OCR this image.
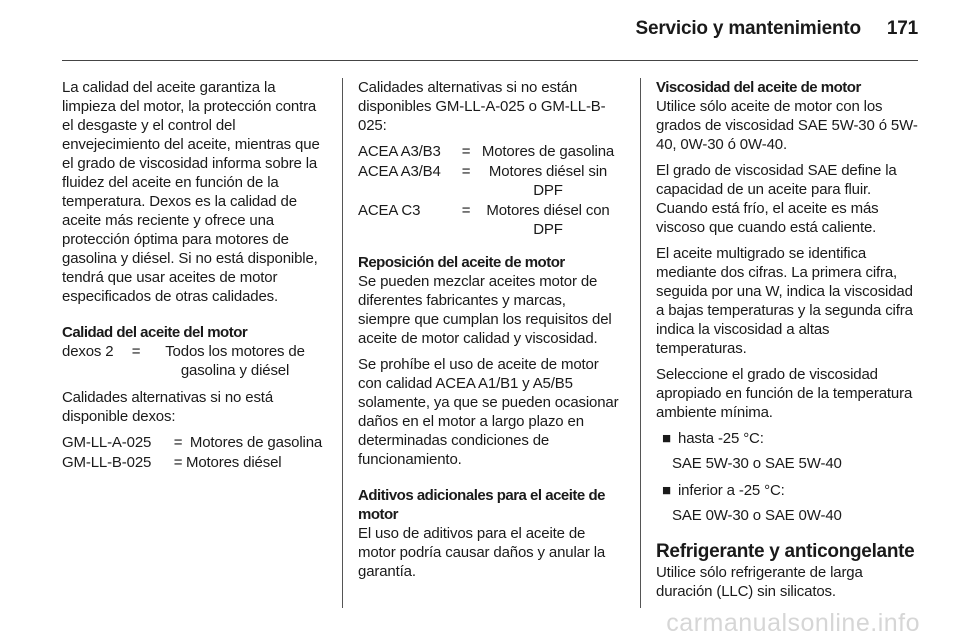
Servicio y mantenimiento 171

La calidad del aceite garantiza la limpieza del motor, la protección contra el desgaste y el control del envejecimiento del aceite, mientras que el grado de viscosidad informa sobre la fluidez del aceite en función de la temperatura. Dexos es la calidad de aceite más reciente y ofrece una protección óptima para motores de gasolina y diésel. Si no está disponible, tendrá que usar aceites de motor especificados de otras calidades.

Calidad del aceite del motor
dexos 2	=	Todos los motores de gasolina y diésel

Calidades alternativas si no está disponible dexos:

GM-LL-A-025	= Motores de gasolina
GM-LL-B-025	= Motores diésel

Calidades alternativas si no están disponibles GM-LL-A-025 o GM-LL-B-025:

ACEA A3/B3	= Motores de gasolina
ACEA A3/B4	=	Motores diésel sin DPF
ACEA C3	=	Motores diésel con DPF
Reposición del aceite de motor

Se pueden mezclar aceites motor de diferentes fabricantes y marcas, siempre que cumplan los requisitos del aceite de motor calidad y viscosidad.

Se prohíbe el uso de aceite de motor con calidad ACEA A1/B1 y A5/B5 solamente, ya que se pueden ocasionar daños en el motor a largo plazo en determinadas condiciones de funcionamiento.

Aditivos adicionales para el aceite de motor

El uso de aditivos para el aceite de motor podría causar daños y anular la garantía.

Viscosidad del aceite de motor

Utilice sólo aceite de motor con los grados de viscosidad SAE 5W-30 ó 5W-40, 0W-30 ó 0W-40.

El grado de viscosidad SAE define la capacidad de un aceite para fluir. Cuando está frío, el aceite es más viscoso que cuando está caliente.

El aceite multigrado se identifica mediante dos cifras. La primera cifra, seguida por una W, indica la viscosidad a bajas temperaturas y la segunda cifra indica la viscosidad a altas temperaturas.

Seleccione el grado de viscosidad apropiado en función de la temperatura ambiente mínima.

■ hasta -25 °C:
SAE 5W-30 o SAE 5W-40
■ inferior a -25 °C:
SAE 0W-30 o SAE 0W-40
Refrigerante y anticongelante

Utilice sólo refrigerante de larga duración (LLC) sin silicatos.

carmanualsonline.info
